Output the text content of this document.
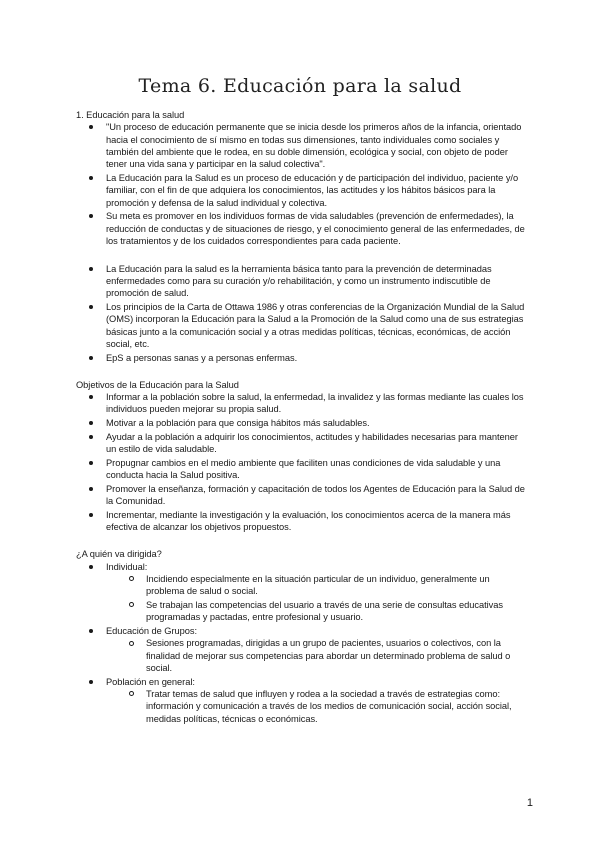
Tema 6. Educación para la salud

1. Educación para la salud

"Un proceso de educación permanente que se inicia desde los primeros años de la infancia, orientado hacia el conocimiento de sí mismo en todas sus dimensiones, tanto individuales como sociales y también del ambiente que le rodea, en su doble dimensión, ecológica y social, con objeto de poder tener una vida sana y participar en la salud colectiva".
La Educación para la Salud es un proceso de educación y de participación del individuo, paciente y/o familiar, con el fin de que adquiera los conocimientos, las actitudes y los hábitos básicos para la promoción y defensa de la salud individual y colectiva.
Su meta es promover en los individuos formas de vida saludables (prevención de enfermedades), la reducción de conductas y de situaciones de riesgo, y el conocimiento general de las enfermedades, de los tratamientos y de los cuidados correspondientes para cada paciente.
La Educación para la salud es la herramienta básica tanto para la prevención de determinadas enfermedades como para su curación y/o rehabilitación, y como un instrumento indiscutible de promoción de salud.
Los principios de la Carta de Ottawa 1986 y otras conferencias de la Organización Mundial de la Salud (OMS) incorporan la Educación para la Salud a la Promoción de la Salud como una de sus estrategias básicas junto a la comunicación social y a otras medidas políticas, técnicas, económicas, de acción social, etc.
EpS a personas sanas y a personas enfermas.

Objetivos de la Educación para la Salud

Informar a la población sobre la salud, la enfermedad, la invalidez y las formas mediante las cuales los individuos pueden mejorar su propia salud.
Motivar a la población para que consiga hábitos más saludables.
Ayudar a la población a adquirir los conocimientos, actitudes y habilidades necesarias para mantener un estilo de vida saludable.
Propugnar cambios en el medio ambiente que faciliten unas condiciones de vida saludable y una conducta hacia la Salud positiva.
Promover la enseñanza, formación y capacitación de todos los Agentes de Educación para la Salud de la Comunidad.
Incrementar, mediante la investigación y la evaluación, los conocimientos acerca de la manera más efectiva de alcanzar los objetivos propuestos.

¿A quién va dirigida?

Individual:
Incidiendo especialmente en la situación particular de un individuo, generalmente un problema de salud o social.
Se trabajan las competencias del usuario a través de una serie de consultas educativas programadas y pactadas, entre profesional y usuario.
Educación de Grupos:
Sesiones programadas, dirigidas a un grupo de pacientes, usuarios o colectivos, con la finalidad de mejorar sus competencias para abordar un determinado problema de salud o social.
Población en general:
Tratar temas de salud que influyen y rodea a la sociedad a través de estrategias como: información y comunicación a través de los medios de comunicación social, acción social, medidas políticas, técnicas o económicas.
1
